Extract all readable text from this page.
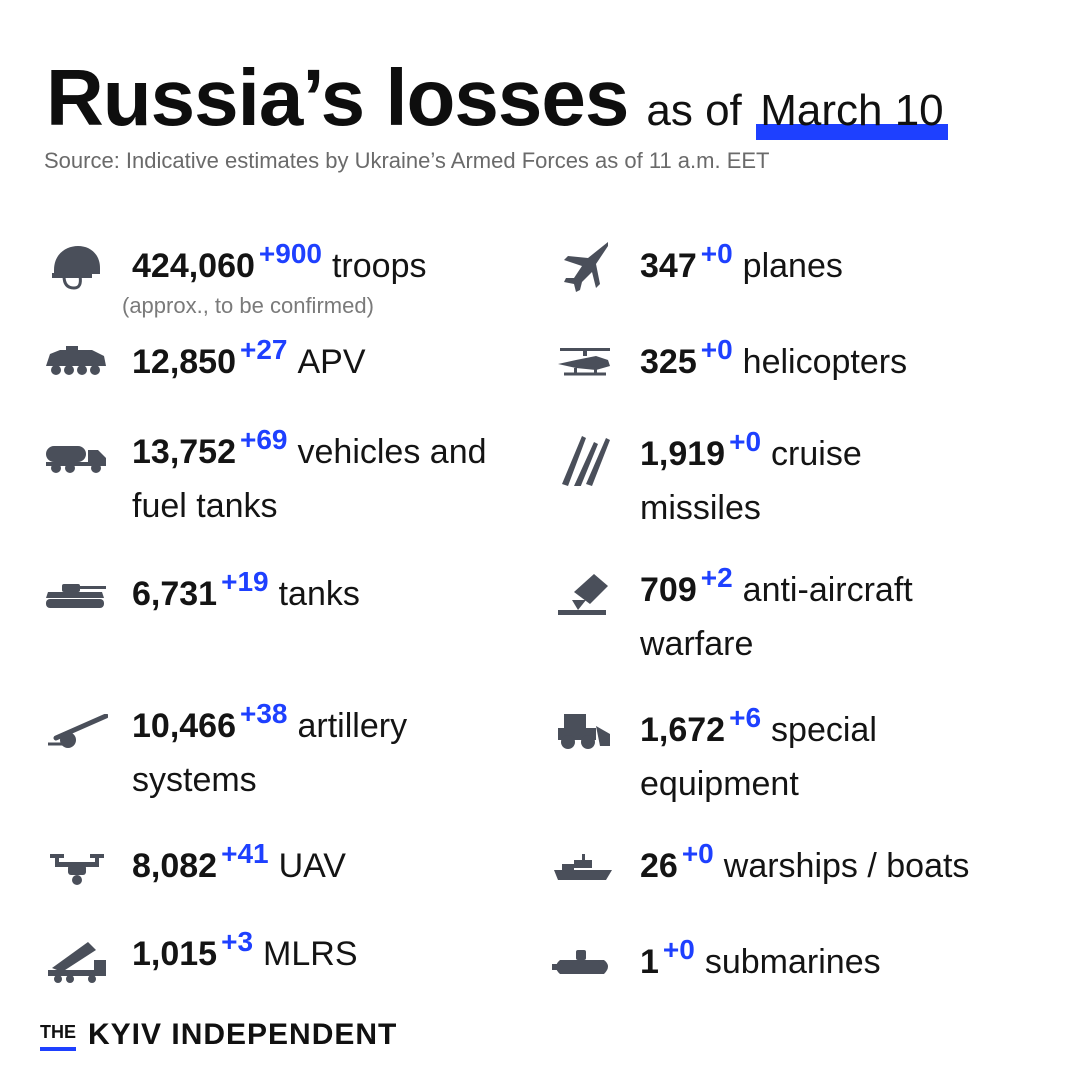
Russia’s losses as of March 10
Source: Indicative estimates by Ukraine’s Armed Forces as of 11 a.m. EET
424,060 $^{+900}$ troops
(approx., to be confirmed)
12,850 $^{+27}$ APV
13,752 $^{+69}$ vehicles and
fuel tanks
6,731 $^{+19}$ tanks
10,466 $^{+38}$ artillery
systems
8,082 $^{+41}$ UAV
1,015 $^{+3}$ MLRS
347 $^{+0}$ planes
325 $^{+0}$ helicopters
1,919 $^{+0}$ cruise
missiles
709 $^{+2}$ anti-aircraft
warfare
1,672 $^{+6}$ special
equipment
26 $^{+0}$ warships / boats
1 $^{+0}$ submarines
THE KYIV INDEPENDENT
